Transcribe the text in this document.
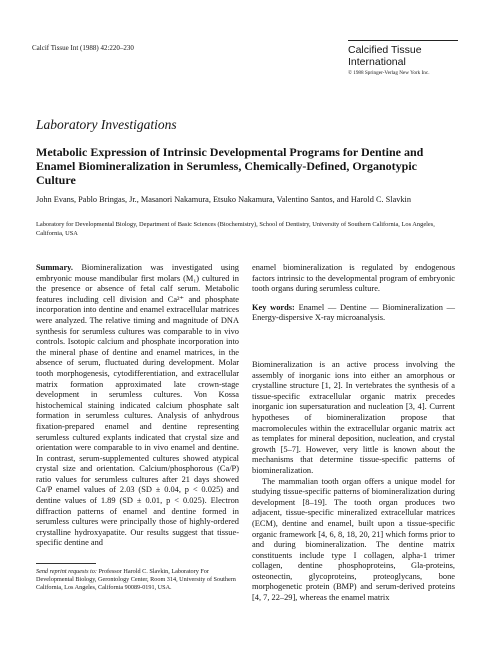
Calcif Tissue Int (1988) 42:220–230	Calcified Tissue
International
© 1988 Springer-Verlag New York Inc.
Laboratory Investigations
Metabolic Expression of Intrinsic Developmental Programs for Dentine and Enamel Biomineralization in Serumless, Chemically-Defined, Organotypic Culture
John Evans, Pablo Bringas, Jr., Masanori Nakamura, Etsuko Nakamura, Valentino Santos, and Harold C. Slavkin
Laboratory for Developmental Biology, Department of Basic Sciences (Biochemistry), School of Dentistry, University of Southern California, Los Angeles, California, USA

Summary. Biomineralization was investigated using embryonic mouse mandibular first molars (M₁) cultured in the presence or absence of fetal calf serum. Metabolic features including cell division and Ca²⁺ and phosphate incorporation into dentine and enamel extracellular matrices were analyzed. The relative timing and magnitude of DNA synthesis for serumless cultures was comparable to in vivo controls. Isotopic calcium and phosphate incorporation into the mineral phase of dentine and enamel matrices, in the absence of serum, fluctuated during development. Molar tooth morphogenesis, cytodifferentiation, and extracellular matrix formation approximated late crown-stage development in serumless cultures. Von Kossa histochemical staining indicated calcium phosphate salt formation in serumless cultures. Analysis of anhydrous fixation-prepared enamel and dentine representing serumless cultured explants indicated that crystal size and orientation were comparable to in vivo enamel and dentine. In contrast, serum-supplemented cultures showed atypical crystal size and orientation. Calcium/phosphorous (Ca/P) ratio values for serumless cultures after 21 days showed Ca/P enamel values of 2.03 (SD ± 0.04, p < 0.025) and dentine values of 1.89 (SD ± 0.01, p < 0.025). Electron diffraction patterns of enamel and dentine formed in serumless cultures were principally those of highly-ordered crystalline hydroxyapatite. Our results suggest that tissue-specific dentine and

enamel biomineralization is regulated by endogenous factors intrinsic to the developmental program of embryonic tooth organs during serumless culture.

Key words: Enamel — Dentine — Biomineralization — Energy-dispersive X-ray microanalysis.

Biomineralization is an active process involving the assembly of inorganic ions into either an amorphous or crystalline structure [1, 2]. In vertebrates the synthesis of a tissue-specific extracellular organic matrix precedes inorganic ion supersaturation and nucleation [3, 4]. Current hypotheses of biomineralization propose that macromolecules within the extracellular organic matrix act as templates for mineral deposition, nucleation, and crystal growth [5–7]. However, very little is known about the mechanisms that determine tissue-specific patterns of biomineralization.

The mammalian tooth organ offers a unique model for studying tissue-specific patterns of biomineralization during development [8–19]. The tooth organ produces two adjacent, tissue-specific mineralized extracellular matrices (ECM), dentine and enamel, built upon a tissue-specific organic framework [4, 6, 8, 18, 20, 21] which forms prior to and during biomineralization. The dentine matrix constituents include type I collagen, alpha-1 trimer collagen, dentine phosphoproteins, Gla-proteins, osteonectin, glycoproteins, proteoglycans, bone morphogenetic protein (BMP) and serum-derived proteins [4, 7, 22–29], whereas the enamel matrix

Send reprint requests to: Professor Harold C. Slavkin, Laboratory For Developmental Biology, Gerontology Center, Room 314, University of Southern California, Los Angeles, California 90089-0191, USA.
